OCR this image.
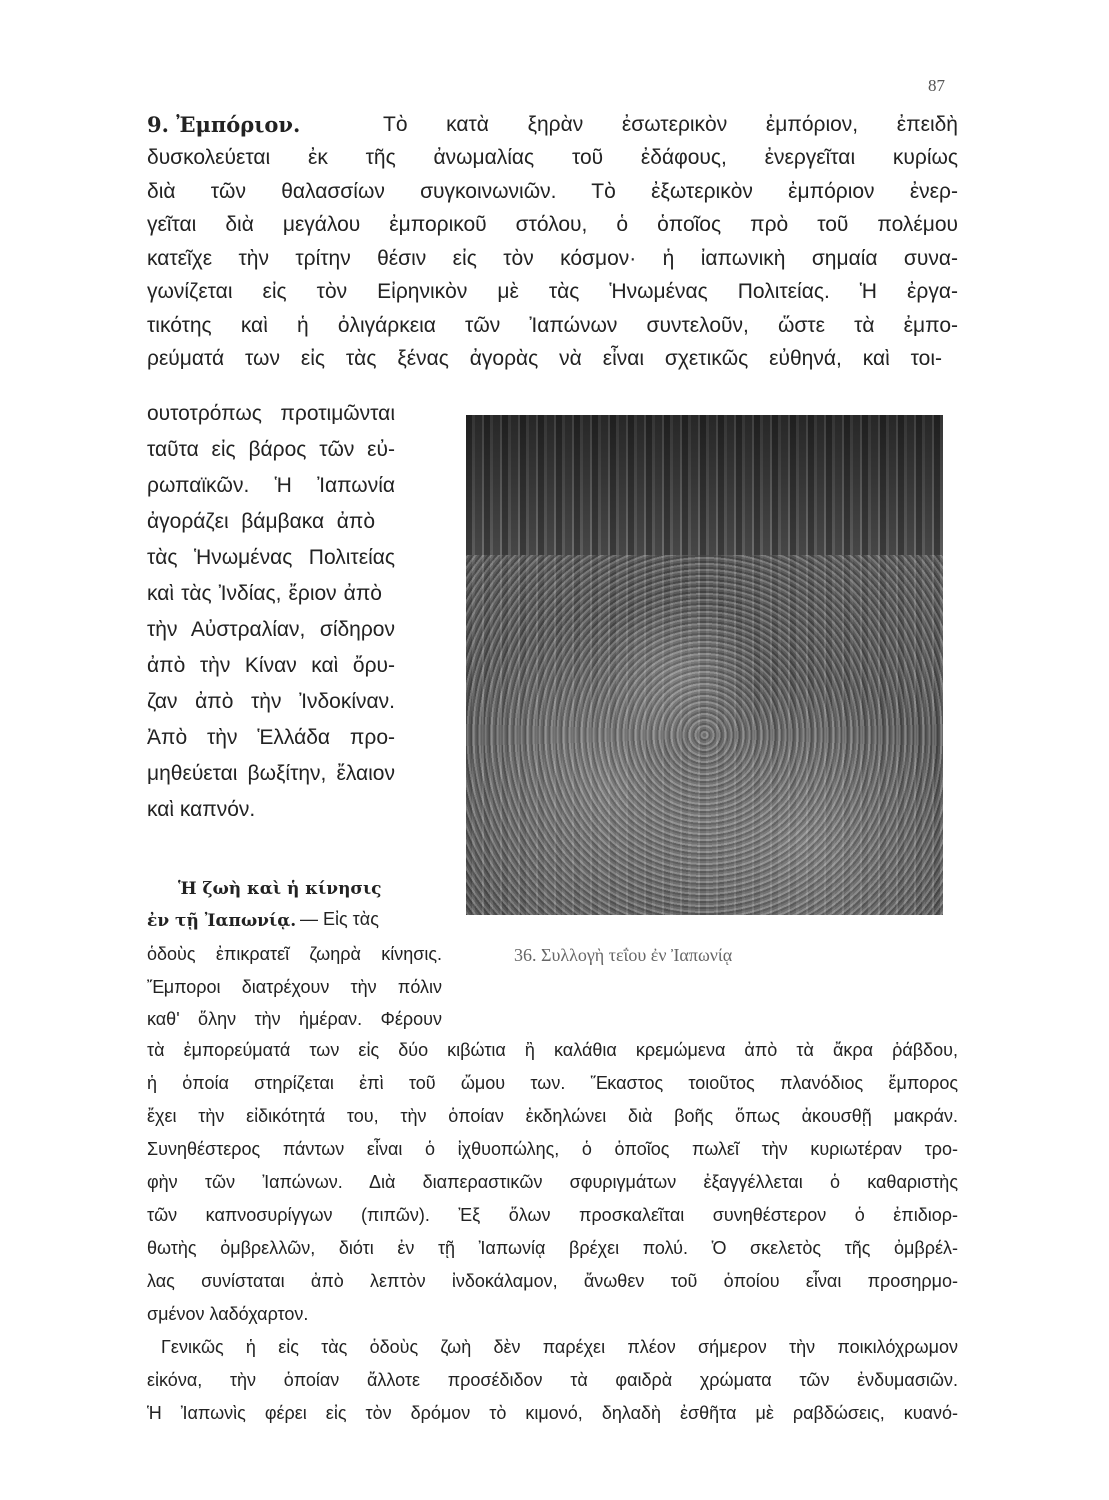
87
9. Ἐμπόριον.	Τὸ κατὰ ξηρὰν ἐσωτερικὸν ἐμπόριον, ἐπειδὴ
δυσκολεύεται ἐκ τῆς ἀνωμαλίας τοῦ ἐδάφους, ἐνεργεῖται κυρίως
διὰ τῶν θαλασσίων συγκοινωνιῶν. Τὸ ἐξωτερικὸν ἐμπόριον ἐνερ-
γεῖται διὰ μεγάλου ἐμπορικοῦ στόλου, ὁ ὁποῖος πρὸ τοῦ πολέμου
κατεῖχε τὴν τρίτην θέσιν εἰς τὸν κόσμον· ἡ ἰαπωνικὴ σημαία συνα-
γωνίζεται εἰς τὸν Εἰρηνικὸν μὲ τὰς Ἡνωμένας Πολιτείας. Ἡ ἐργα-
τικότης καὶ ἡ ὀλιγάρκεια τῶν Ἰαπώνων συντελοῦν, ὥστε τὰ ἐμπο-
ρεύματά των εἰς τὰς ξένας ἀγορὰς νὰ εἶναι σχετικῶς εὐθηνά, καὶ τοι-
ουτοτρόπως προτιμῶνται
ταῦτα εἰς βάρος τῶν εὐ-
ρωπαϊκῶν. Ἡ Ἰαπωνία
ἀγοράζει βάμβακα ἀπὸ
τὰς Ἡνωμένας Πολιτείας
καὶ τὰς Ἰνδίας, ἔριον ἀπὸ
τὴν Αὐστραλίαν, σίδηρον
ἀπὸ τὴν Κίναν καὶ ὄρυ-
ζαν ἀπὸ τὴν Ἰνδοκίναν.
Ἀπὸ τὴν Ἑλλάδα προ-
μηθεύεται βωξίτην, ἔλαιον
καὶ καπνόν.
36. Συλλογὴ τεΐου ἐν Ἰαπωνίᾳ
Ἡ ζωὴ καὶ ἡ κίνησις
ἐν τῇ Ἰαπωνίᾳ. — Εἰς τὰς
ὁδοὺς ἐπικρατεῖ ζωηρὰ κίνησις.
Ἔμποροι διατρέχουν τὴν πόλιν
καθ' ὅλην τὴν ἡμέραν. Φέρουν
τὰ ἐμπορεύματά των εἰς δύο κιβώτια ἢ καλάθια κρεμώμενα ἀπὸ τὰ ἄκρα ῥάβδου,
ἡ ὁποία στηρίζεται ἐπὶ τοῦ ὤμου των. Ἕκαστος τοιοῦτος πλανόδιος ἔμπορος
ἔχει τὴν εἰδικότητά του, τὴν ὁποίαν ἐκδηλώνει διὰ βοῆς ὅπως ἀκουσθῇ μακράν.
Συνηθέστερος πάντων εἶναι ὁ ἰχθυοπώλης, ὁ ὁποῖος πωλεῖ τὴν κυριωτέραν τρο-
φὴν τῶν Ἰαπώνων. Διὰ διαπεραστικῶν σφυριγμάτων ἐξαγγέλλεται ὁ καθαριστὴς
τῶν καπνοσυρίγγων (πιπῶν). Ἐξ ὅλων προσκαλεῖται συνηθέστερον ὁ ἐπιδιορ-
θωτὴς ὀμβρελλῶν, διότι ἐν τῇ Ἰαπωνίᾳ βρέχει πολύ. Ὁ σκελετὸς τῆς ὀμβρέλ-
λας συνίσταται ἀπὸ λεπτὸν ἰνδοκάλαμον, ἄνωθεν τοῦ ὁποίου εἶναι προσηρμο-
σμένον λαδόχαρτον.
Γενικῶς ἡ εἰς τὰς ὁδοὺς ζωὴ δὲν παρέχει πλέον σήμερον τὴν ποικιλόχρωμον
εἰκόνα, τὴν ὁποίαν ἄλλοτε προσέδιδον τὰ φαιδρὰ χρώματα τῶν ἐνδυμασιῶν.
Ἡ Ἰαπωνὶς φέρει εἰς τὸν δρόμον τὸ κιμονό, δηλαδὴ ἐσθῆτα μὲ ραβδώσεις, κυανό-
